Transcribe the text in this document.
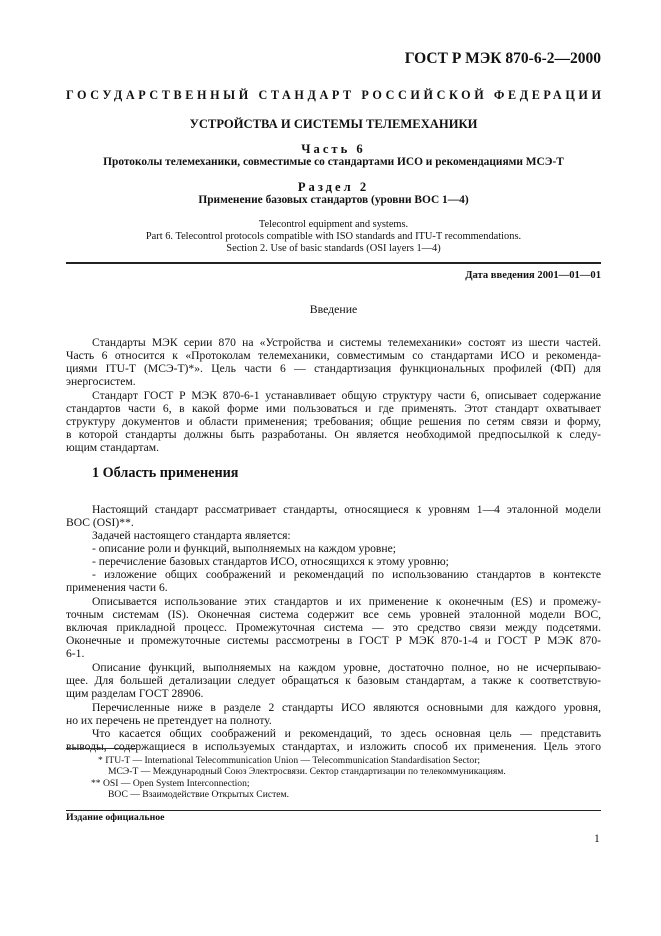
ГОСТ Р МЭК 870-6-2—2000
ГОСУДАРСТВЕННЫЙ СТАНДАРТ РОССИЙСКОЙ ФЕДЕРАЦИИ
УСТРОЙСТВА И СИСТЕМЫ ТЕЛЕМЕХАНИКИ
Часть 6
Протоколы телемеханики, совместимые со стандартами ИСО и рекомендациями МСЭ-Т
Раздел 2
Применение базовых стандартов (уровни ВОС 1—4)
Telecontrol equipment and systems.
Part 6. Telecontrol protocols compatible with ISO standards and ITU-T recommendations.
Section 2. Use of basic standards (OSI layers 1—4)
Дата введения 2001—01—01
Введение
Стандарты МЭК серии 870 на «Устройства и системы телемеханики» состоят из шести частей.
Часть 6 относится к «Протоколам телемеханики, совместимым со стандартами ИСО и рекоменда-
циями ITU-T (МСЭ-Т)*». Цель части 6 — стандартизация функциональных профилей (ФП) для
энергосистем.
Стандарт ГОСТ Р МЭК 870-6-1 устанавливает общую структуру части 6, описывает содержание
стандартов части 6, в какой форме ими пользоваться и где применять. Этот стандарт охватывает
структуру документов и области применения; требования; общие решения по сетям связи и форму,
в которой стандарты должны быть разработаны. Он является необходимой предпосылкой к следу-
ющим стандартам.
1 Область применения
Настоящий стандарт рассматривает стандарты, относящиеся к уровням 1—4 эталонной модели
ВОС (OSI)**.
Задачей настоящего стандарта является:
- описание роли и функций, выполняемых на каждом уровне;
- перечисление базовых стандартов ИСО, относящихся к этому уровню;
- изложение общих соображений и рекомендаций по использованию стандартов в контексте
применения части 6.
Описывается использование этих стандартов и их применение к оконечным (ES) и промежу-
точным системам (IS). Оконечная система содержит все семь уровней эталонной модели ВОС,
включая прикладной процесс. Промежуточная система — это средство связи между подсетями.
Оконечные и промежуточные системы рассмотрены в ГОСТ Р МЭК 870-1-4 и ГОСТ Р МЭК 870-
6-1.
Описание функций, выполняемых на каждом уровне, достаточно полное, но не исчерпываю-
щее. Для большей детализации следует обращаться к базовым стандартам, а также к соответствую-
щим разделам ГОСТ 28906.
Перечисленные ниже в разделе 2 стандарты ИСО являются основными для каждого уровня,
но их перечень не претендует на полноту.
Что касается общих соображений и рекомендаций, то здесь основная цель — представить
выводы, содержащиеся в используемых стандартах, и изложить способ их применения. Цель этого
* ITU-T — International Telecommunication Union — Telecommunication Standardisation Sector;
МСЭ-Т — Международный Союз Электросвязи. Сектор стандартизации по телекоммуникациям.
** OSI — Open System Interconnection;
ВОС — Взаимодействие Открытых Систем.
Издание официальное
1
